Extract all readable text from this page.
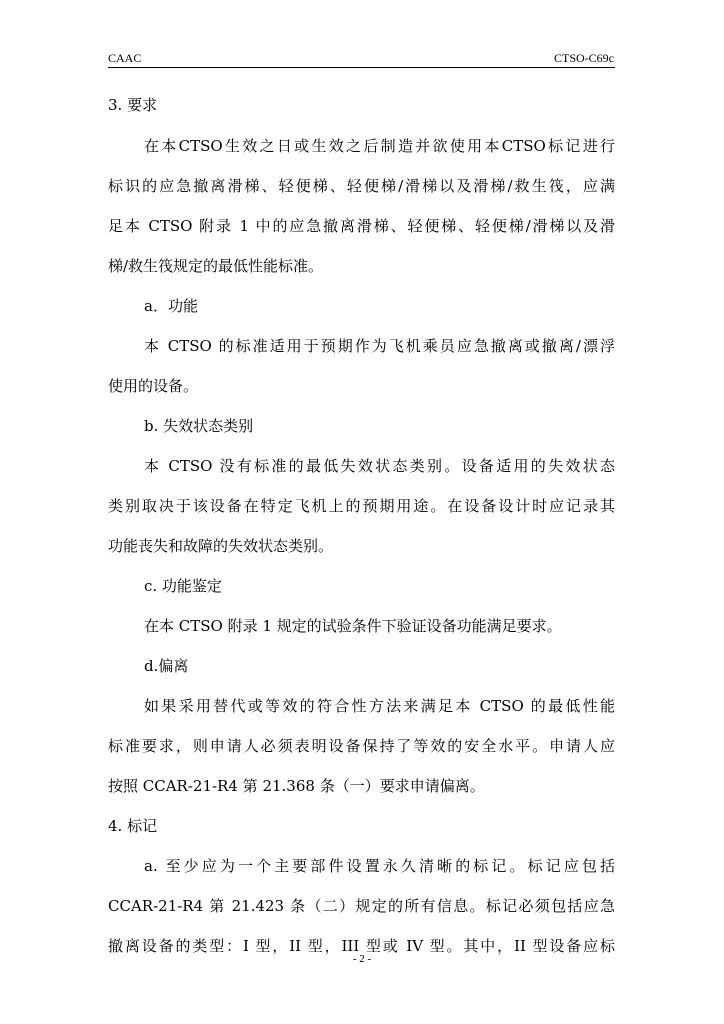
CAAC	CTSO-C69c
3. 要求
在本CTSO生效之日或生效之后制造并欲使用本CTSO标记进行
标识的应急撤离滑梯、轻便梯、轻便梯/滑梯以及滑梯/救生筏，应满
足本 CTSO 附录 1 中的应急撤离滑梯、轻便梯、轻便梯/滑梯以及滑
梯/救生筏规定的最低性能标准。
a．功能
本 CTSO 的标准适用于预期作为飞机乘员应急撤离或撤离/漂浮
使用的设备。
b. 失效状态类别
本 CTSO 没有标准的最低失效状态类别。设备适用的失效状态
类别取决于该设备在特定飞机上的预期用途。在设备设计时应记录其
功能丧失和故障的失效状态类别。
c. 功能鉴定
在本 CTSO 附录 1 规定的试验条件下验证设备功能满足要求。
d.偏离
如果采用替代或等效的符合性方法来满足本 CTSO 的最低性能
标准要求，则申请人必须表明设备保持了等效的安全水平。申请人应
按照 CCAR-21-R4 第 21.368 条（一）要求申请偏离。
4. 标记
a. 至少应为一个主要部件设置永久清晰的标记。标记应包括
CCAR-21-R4 第 21.423 条（二）规定的所有信息。标记必须包括应急
撤离设备的类型：I 型，II 型，III 型或 IV 型。其中，II 型设备应标
- 2 -
